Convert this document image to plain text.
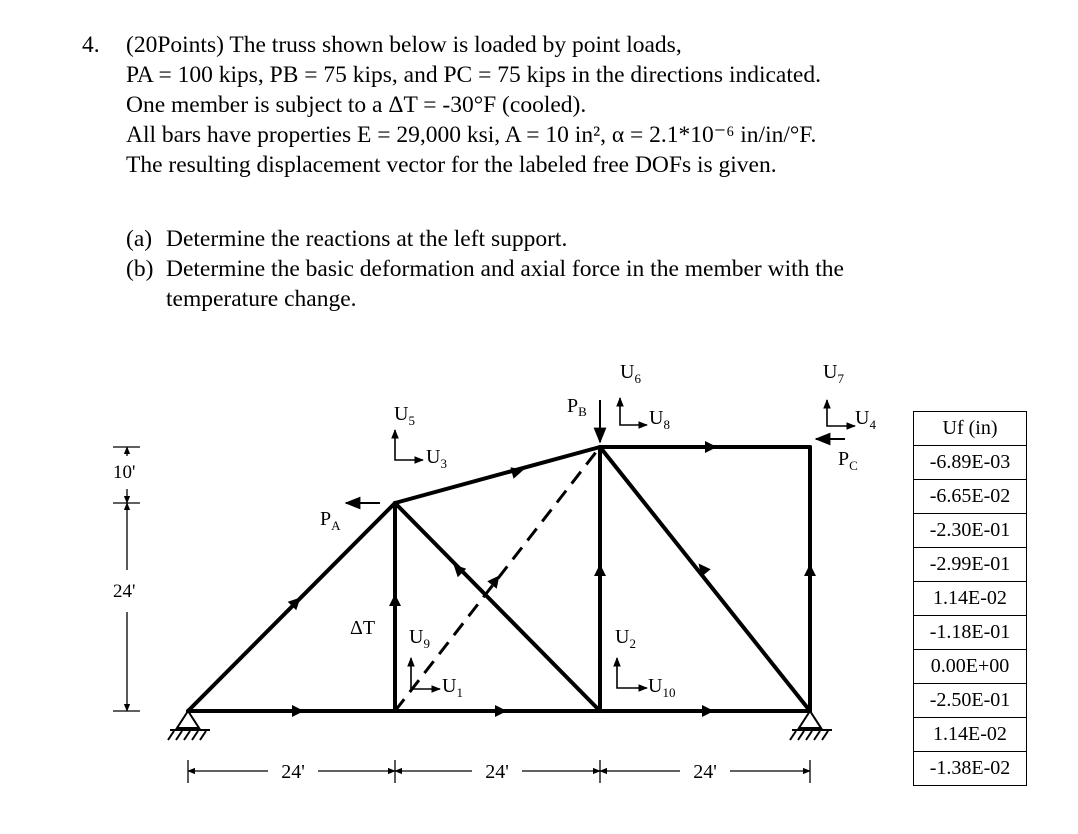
4. (20Points) The truss shown below is loaded by point loads,
PA = 100 kips, PB = 75 kips, and PC = 75 kips in the directions indicated.
One member is subject to a ΔT = -30°F (cooled).
All bars have properties E = 29,000 ksi, A = 10 in², α = 2.1*10⁻⁶ in/in/°F.
The resulting displacement vector for the labeled free DOFs is given.
(a) Determine the reactions at the left support.
(b) Determine the basic deformation and axial force in the member with the
temperature change.
10'
24'
24'	24'	24'
$P_A$
$P_B$
$P_C$
ΔT
$U_5$
$U_3$
$U_6$
$U_8$
$U_7$
$U_4$
$U_9$
$U_1$
$U_2$
$U_{10}$
Uf (in)
-6.89E-03
-6.65E-02
-2.30E-01
-2.99E-01
1.14E-02
-1.18E-01
0.00E+00
-2.50E-01
1.14E-02
-1.38E-02
